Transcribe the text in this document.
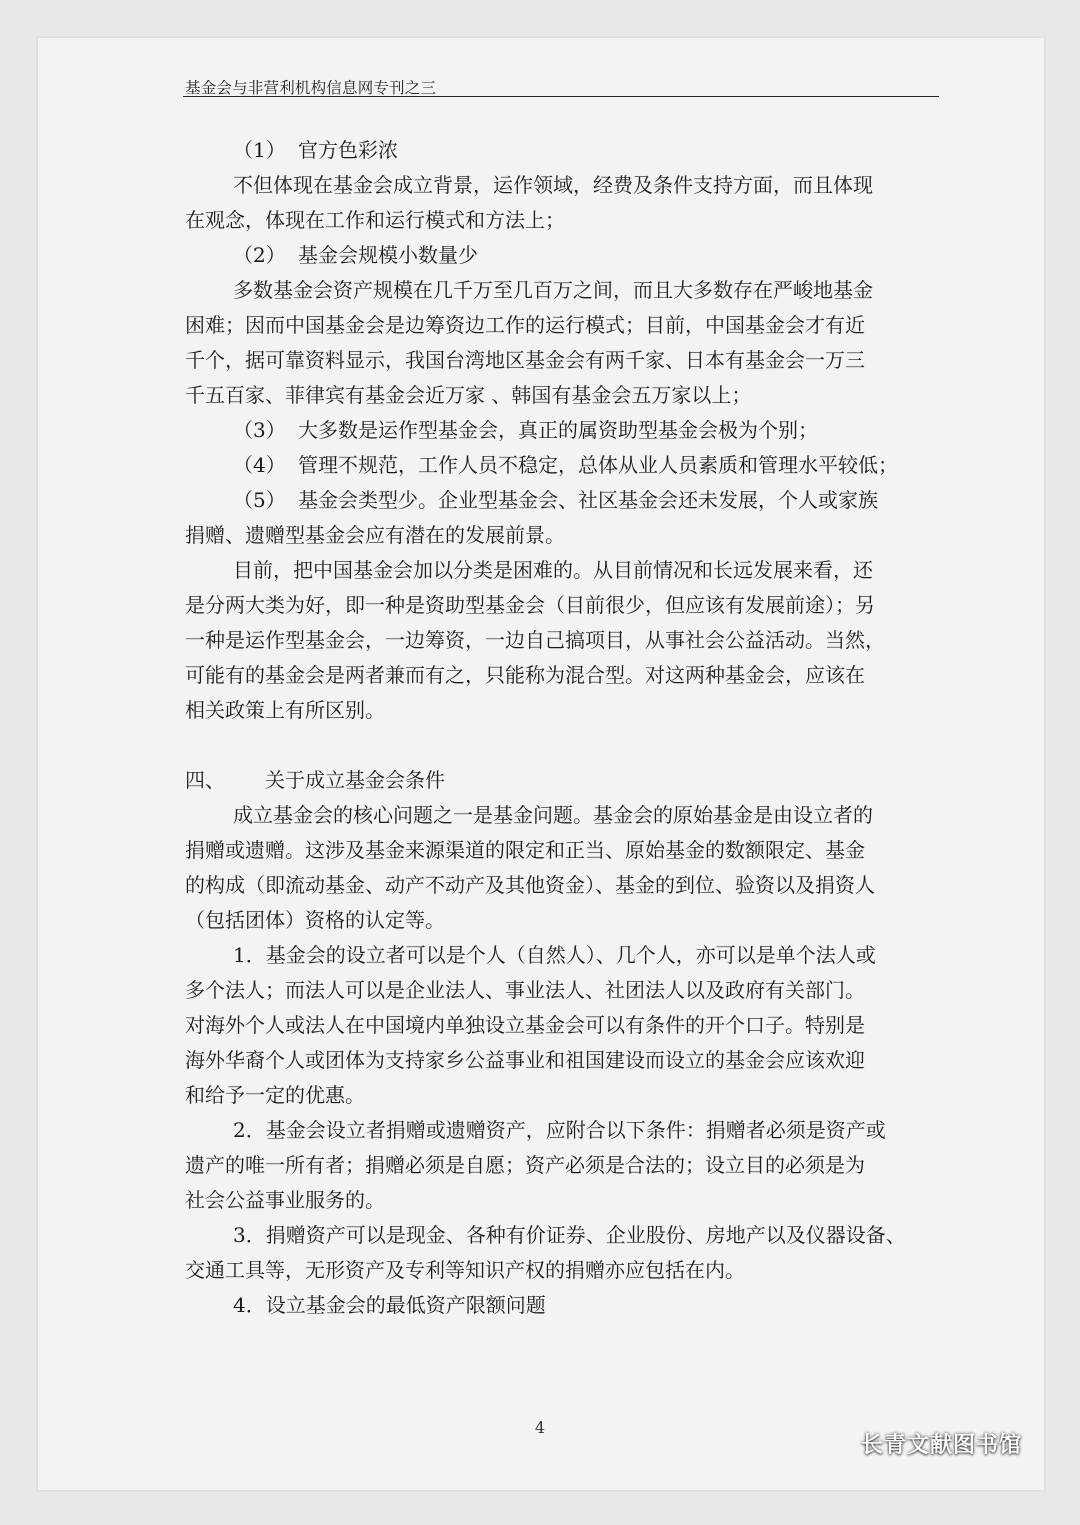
基金会与非营利机构信息网专刊之三
（1） 官方色彩浓
不但体现在基金会成立背景，运作领域，经费及条件支持方面，而且体现
在观念，体现在工作和运行模式和方法上；
（2） 基金会规模小数量少
多数基金会资产规模在几千万至几百万之间，而且大多数存在严峻地基金
困难；因而中国基金会是边筹资边工作的运行模式；目前，中国基金会才有近
千个，据可靠资料显示，我国台湾地区基金会有两千家、日本有基金会一万三
千五百家、菲律宾有基金会近万家 、韩国有基金会五万家以上；
（3） 大多数是运作型基金会，真正的属资助型基金会极为个别；
（4） 管理不规范，工作人员不稳定，总体从业人员素质和管理水平较低；
（5） 基金会类型少。企业型基金会、社区基金会还未发展，个人或家族
捐赠、遗赠型基金会应有潜在的发展前景。
目前，把中国基金会加以分类是困难的。从目前情况和长远发展来看，还
是分两大类为好，即一种是资助型基金会（目前很少，但应该有发展前途）；另
一种是运作型基金会，一边筹资，一边自己搞项目，从事社会公益活动。当然，
可能有的基金会是两者兼而有之，只能称为混合型。对这两种基金会，应该在
相关政策上有所区别。
四、	关于成立基金会条件
成立基金会的核心问题之一是基金问题。基金会的原始基金是由设立者的
捐赠或遗赠。这涉及基金来源渠道的限定和正当、原始基金的数额限定、基金
的构成（即流动基金、动产不动产及其他资金）、基金的到位、验资以及捐资人
（包括团体）资格的认定等。
1．基金会的设立者可以是个人（自然人）、几个人，亦可以是单个法人或
多个法人；而法人可以是企业法人、事业法人、社团法人以及政府有关部门。
对海外个人或法人在中国境内单独设立基金会可以有条件的开个口子。特别是
海外华裔个人或团体为支持家乡公益事业和祖国建设而设立的基金会应该欢迎
和给予一定的优惠。
2．基金会设立者捐赠或遗赠资产，应附合以下条件：捐赠者必须是资产或
遗产的唯一所有者；捐赠必须是自愿；资产必须是合法的；设立目的必须是为
社会公益事业服务的。
3．捐赠资产可以是现金、各种有价证券、企业股份、房地产以及仪器设备、
交通工具等，无形资产及专利等知识产权的捐赠亦应包括在内。
4．设立基金会的最低资产限额问题
4
长青文献图书馆
